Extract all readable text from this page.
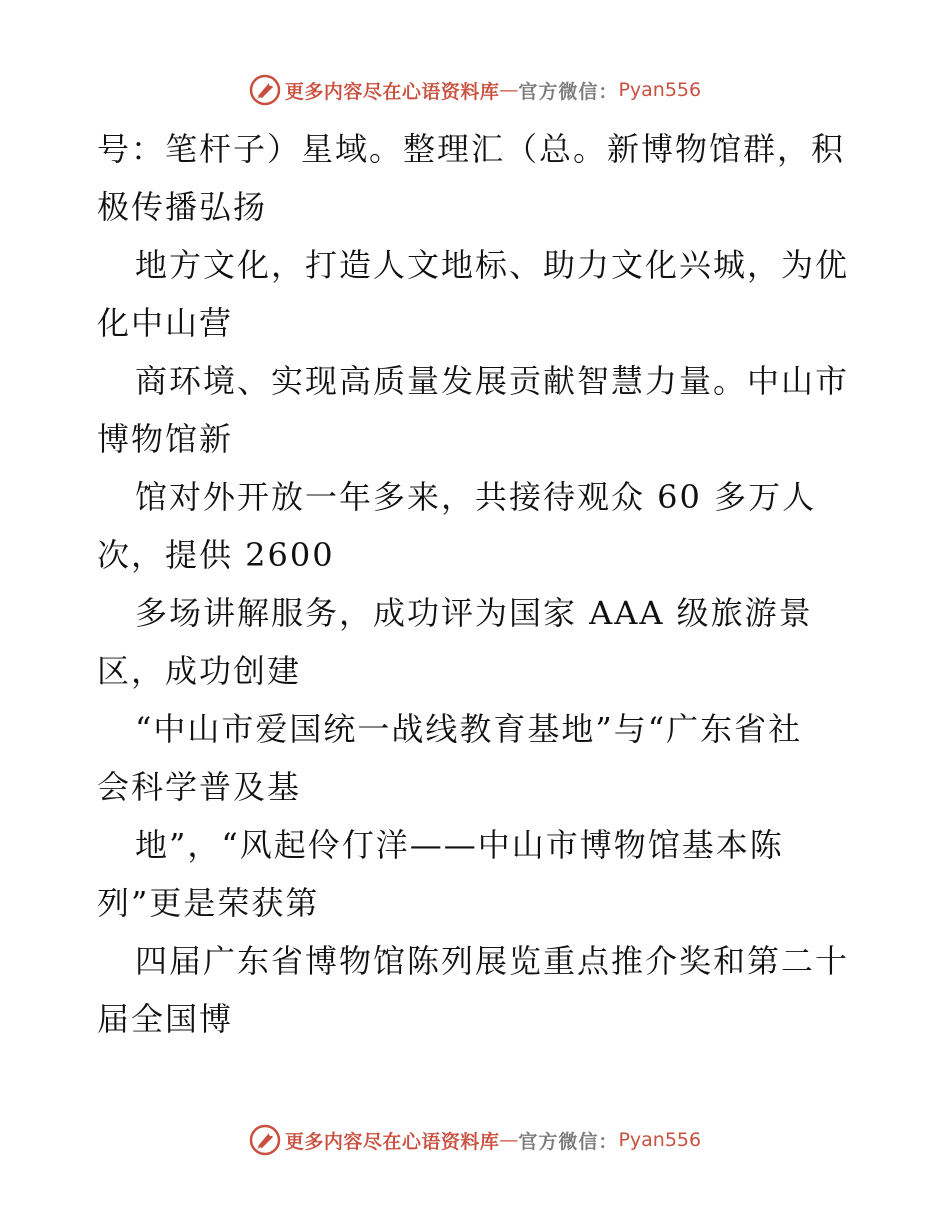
更多内容尽在心语资料库 — 官方微信： Pyan556
号：笔杆子）星域。整理汇（总。新博物馆群，积
极传播弘扬
地方文化，打造人文地标、助力文化兴城，为优
化中山营
商环境、实现高质量发展贡献智慧力量。中山市
博物馆新
馆对外开放一年多来，共接待观众 60 多万人
次，提供 2600
多场讲解服务，成功评为国家 AAA 级旅游景
区，成功创建
“中山市爱国统一战线教育基地”与“广东省社
会科学普及基
地”，“风起伶仃洋——中山市博物馆基本陈
列”更是荣获第
四届广东省博物馆陈列展览重点推介奖和第二十
届全国博
更多内容尽在心语资料库 — 官方微信： Pyan556
